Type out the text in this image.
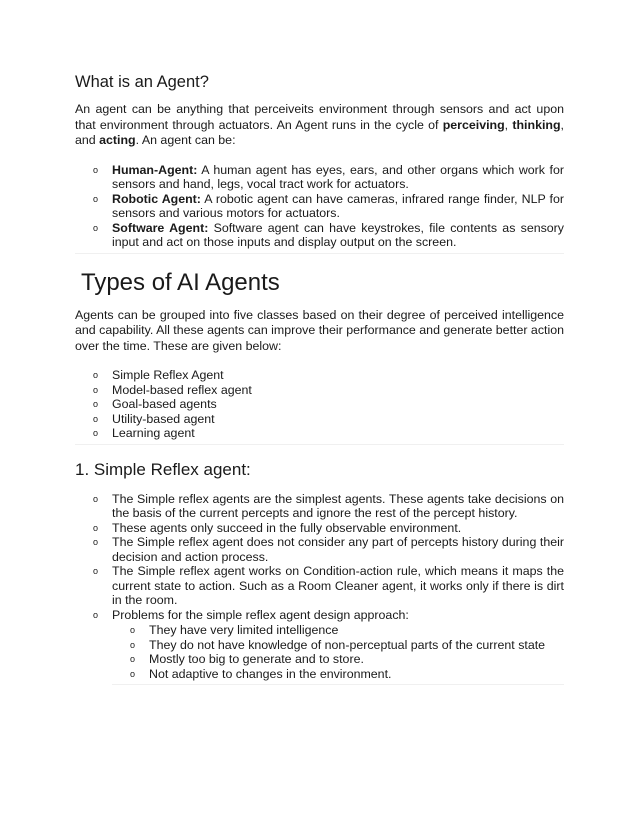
What is an Agent?

An agent can be anything that perceiveits environment through sensors and act upon that environment through actuators. An Agent runs in the cycle of perceiving, thinking, and acting. An agent can be:

o Human-Agent: A human agent has eyes, ears, and other organs which work for sensors and hand, legs, vocal tract work for actuators.
o Robotic Agent: A robotic agent can have cameras, infrared range finder, NLP for sensors and various motors for actuators.
o Software Agent: Software agent can have keystrokes, file contents as sensory input and act on those inputs and display output on the screen.
Types of AI Agents

Agents can be grouped into five classes based on their degree of perceived intelligence and capability. All these agents can improve their performance and generate better action over the time. These are given below:

o Simple Reflex Agent
o Model-based reflex agent
o Goal-based agents
o Utility-based agent
o Learning agent
1. Simple Reflex agent:
o The Simple reflex agents are the simplest agents. These agents take decisions on the basis of the current percepts and ignore the rest of the percept history.
o These agents only succeed in the fully observable environment.
o The Simple reflex agent does not consider any part of percepts history during their decision and action process.
o The Simple reflex agent works on Condition-action rule, which means it maps the current state to action. Such as a Room Cleaner agent, it works only if there is dirt in the room.
o Problems for the simple reflex agent design approach:
o They have very limited intelligence
o They do not have knowledge of non-perceptual parts of the current state
o Mostly too big to generate and to store.
o Not adaptive to changes in the environment.
